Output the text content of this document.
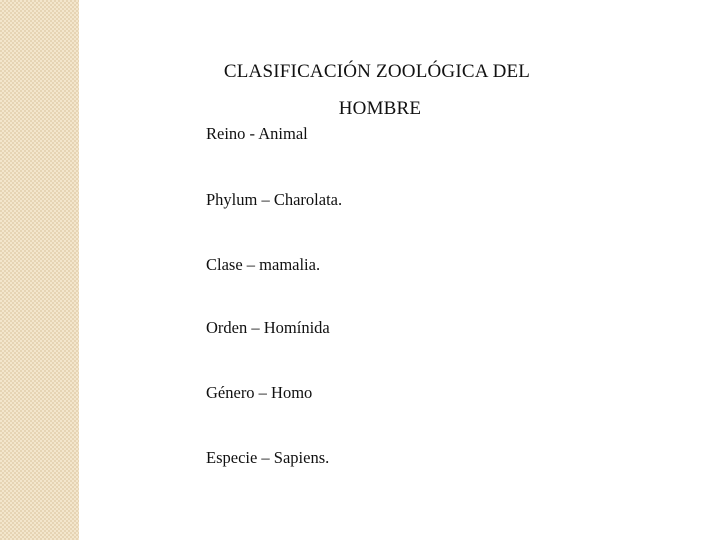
CLASIFICACIÓN ZOOLÓGICA DEL
HOMBRE
Reino - Animal
Phylum – Charolata.
Clase – mamalia.
Orden – Homínida
Género – Homo
Especie – Sapiens.
